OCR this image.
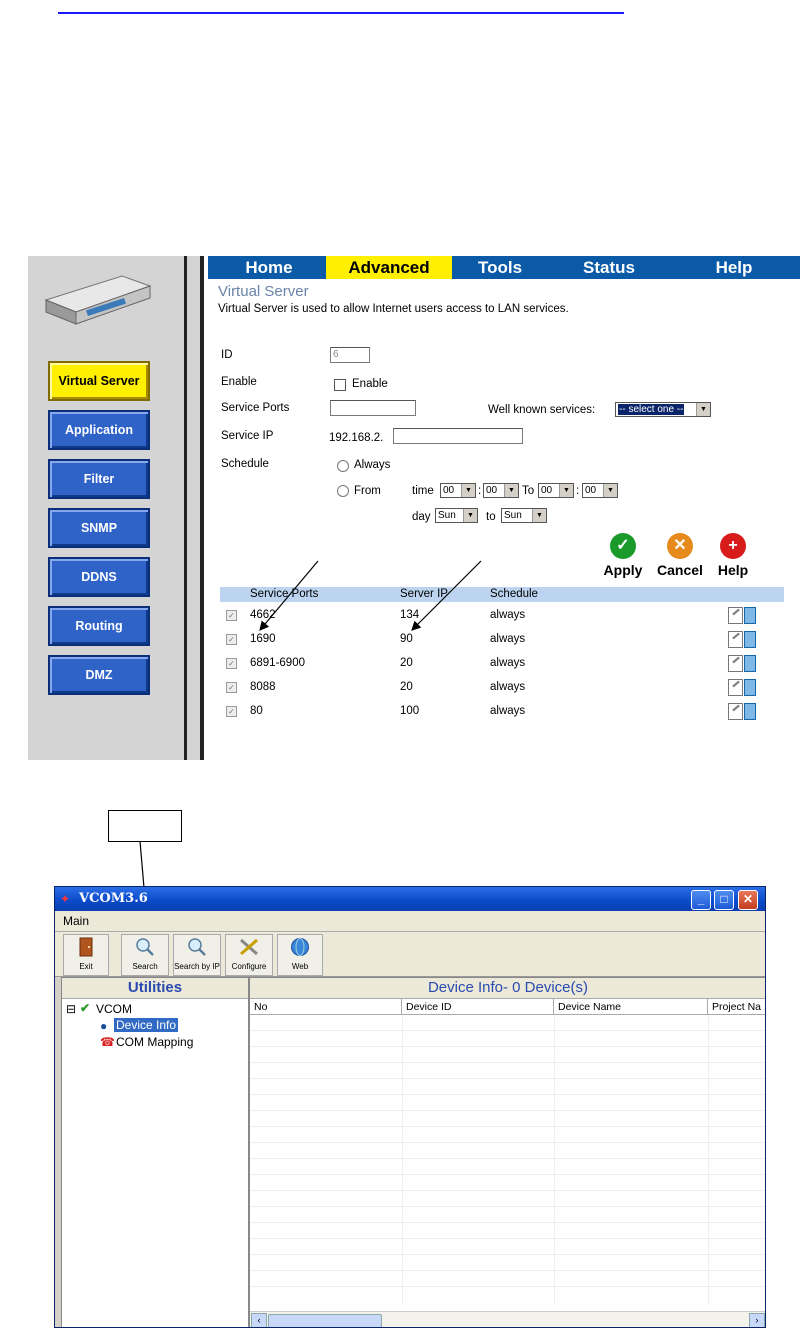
Virtual Server
Application
Filter
SNMP
DDNS
Routing
DMZ
Home	Advanced	Tools	Status	Help
Virtual Server
Virtual Server is used to allow Internet users access to LAN services.
ID	6
Enable	Enable
Service Ports	Well known services:	-- select one --	▼
Service IP	192.168.2.
Schedule	Always
From	time 00	▼ : 00	▼ To 00	▼ : 00	▼
day Sun	▼ to Sun	▼
✓
Apply
✕
Cancel
+
Help
Service Ports	Server IP	Schedule
✓ 4662	134	always
✓ 1690	90	always
✓ 6891-6900	20	always
✓ 8088	20	always
✓ 80	100	always
✦ VCOM3.6	_	□	✕
Main
Exit	Search	Search by IP	Configure	Web
Utilities
⊟ ✔ VCOM
● Device Info
☎ COM Mapping
Device Info- 0 Device(s)
No	Device ID	Device Name	Project Na
‹	›
